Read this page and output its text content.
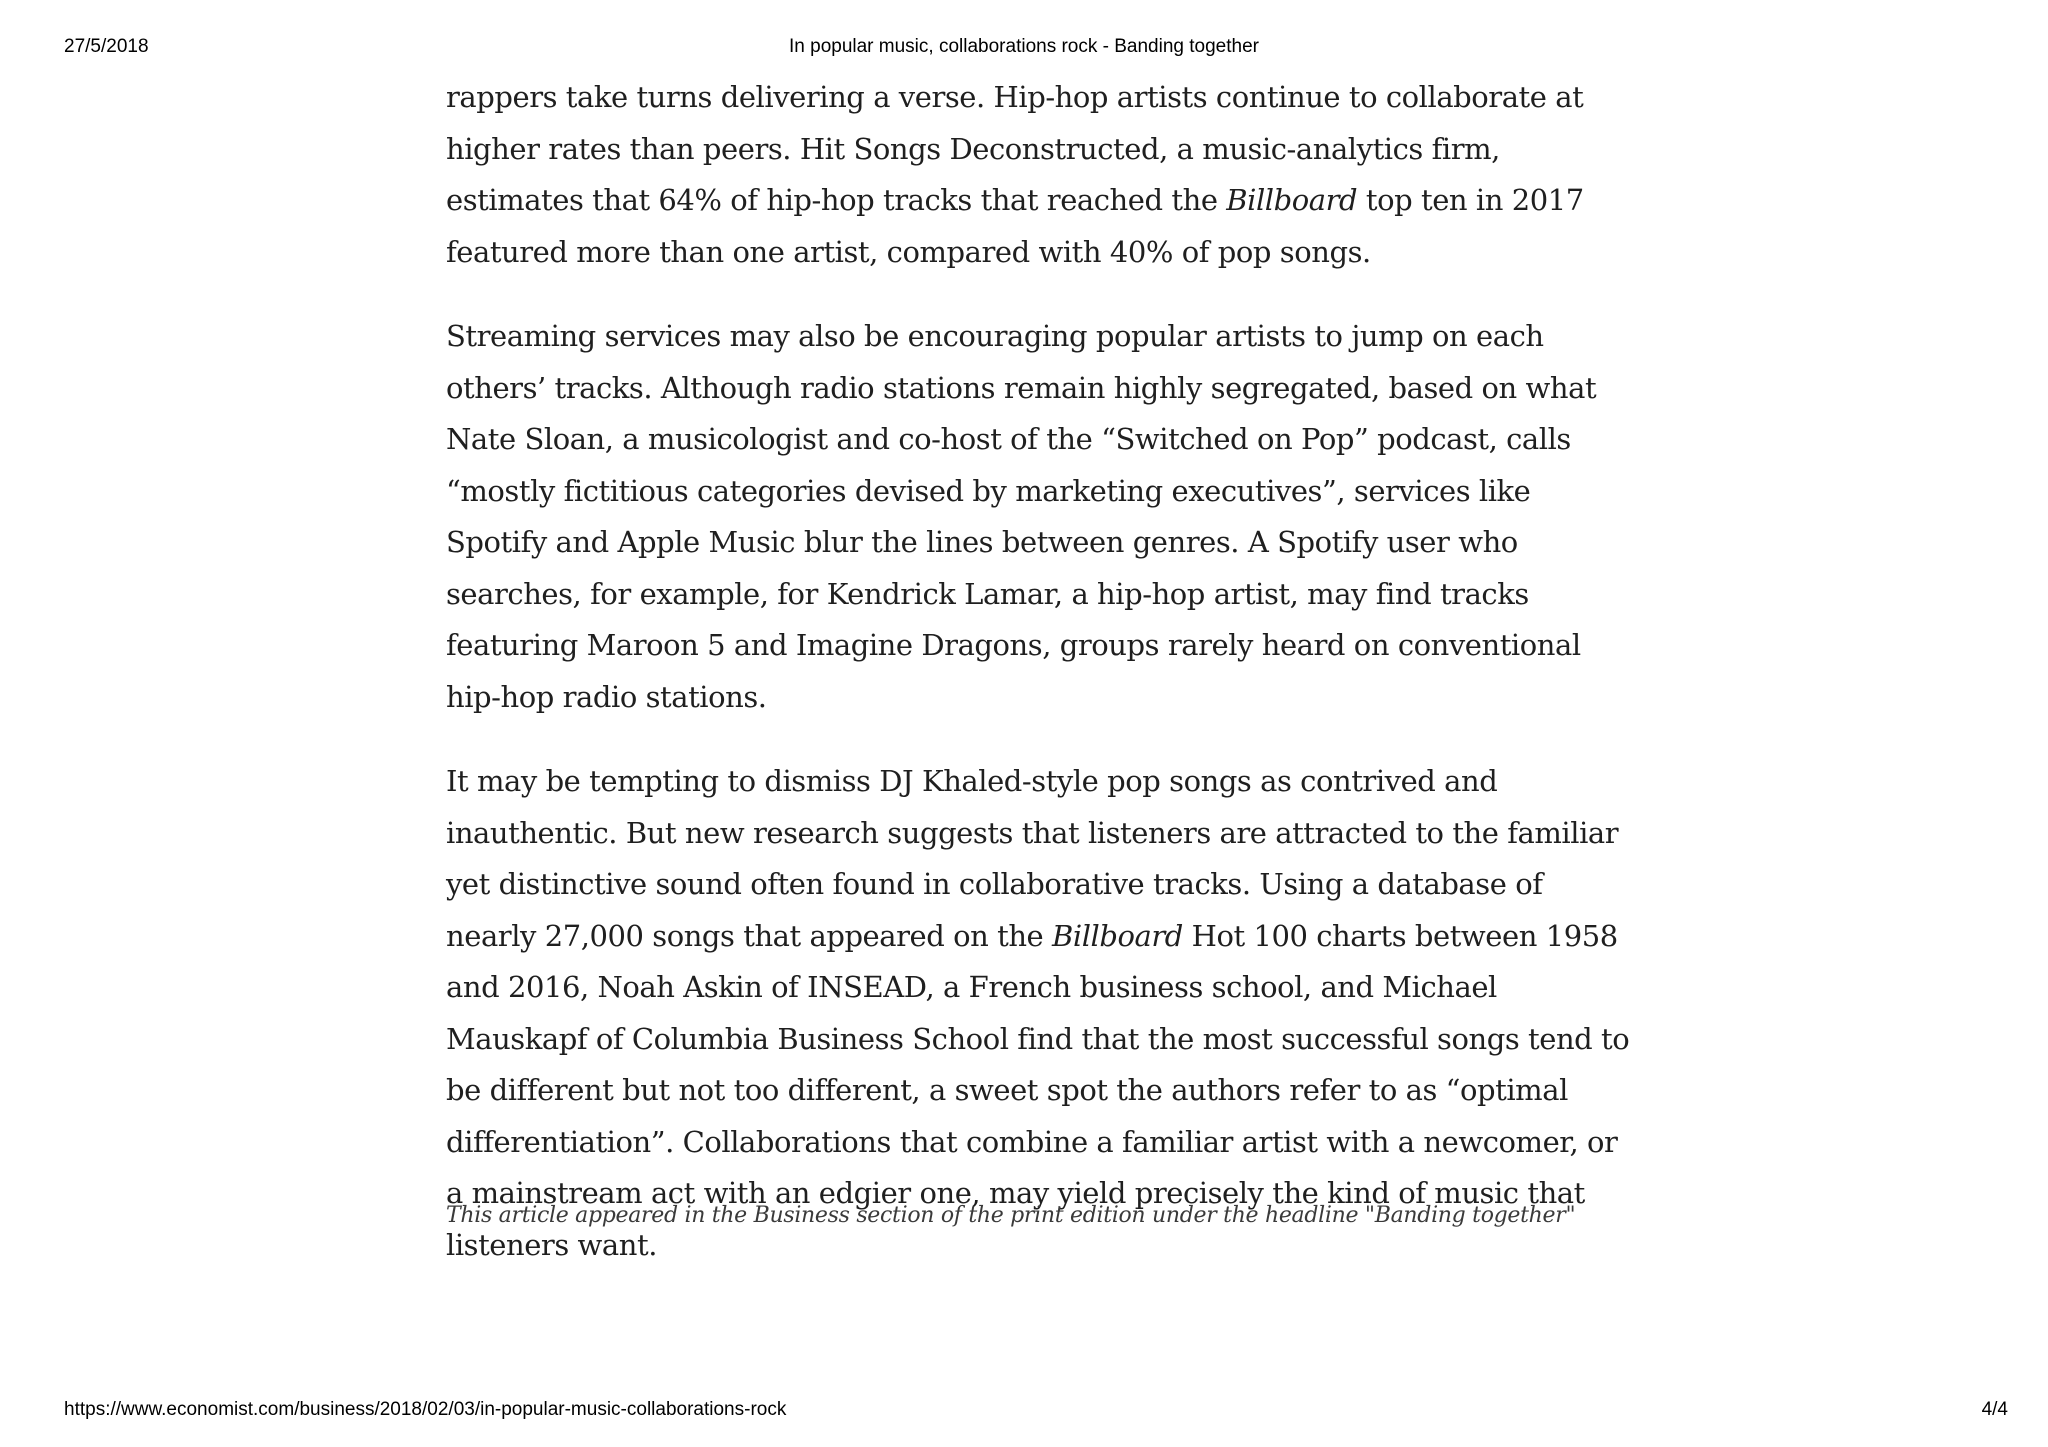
27/5/2018	In popular music, collaborations rock - Banding together

rappers take turns delivering a verse. Hip-hop artists continue to collaborate at higher rates than peers. Hit Songs Deconstructed, a music-analytics firm, estimates that 64% of hip-hop tracks that reached the Billboard top ten in 2017 featured more than one artist, compared with 40% of pop songs.

Streaming services may also be encouraging popular artists to jump on each others’ tracks. Although radio stations remain highly segregated, based on what Nate Sloan, a musicologist and co-host of the “Switched on Pop” podcast, calls “mostly fictitious categories devised by marketing executives”, services like Spotify and Apple Music blur the lines between genres. A Spotify user who searches, for example, for Kendrick Lamar, a hip-hop artist, may find tracks featuring Maroon 5 and Imagine Dragons, groups rarely heard on conventional hip-hop radio stations.

It may be tempting to dismiss DJ Khaled-style pop songs as contrived and inauthentic. But new research suggests that listeners are attracted to the familiar yet distinctive sound often found in collaborative tracks. Using a database of nearly 27,000 songs that appeared on the Billboard Hot 100 charts between 1958 and 2016, Noah Askin of INSEAD, a French business school, and Michael Mauskapf of Columbia Business School find that the most successful songs tend to be different but not too different, a sweet spot the authors refer to as “optimal differentiation”. Collaborations that combine a familiar artist with a newcomer, or a mainstream act with an edgier one, may yield precisely the kind of music that listeners want.

This article appeared in the Business section of the print edition under the headline "Banding together"
https://www.economist.com/business/2018/02/03/in-popular-music-collaborations-rock	4/4
